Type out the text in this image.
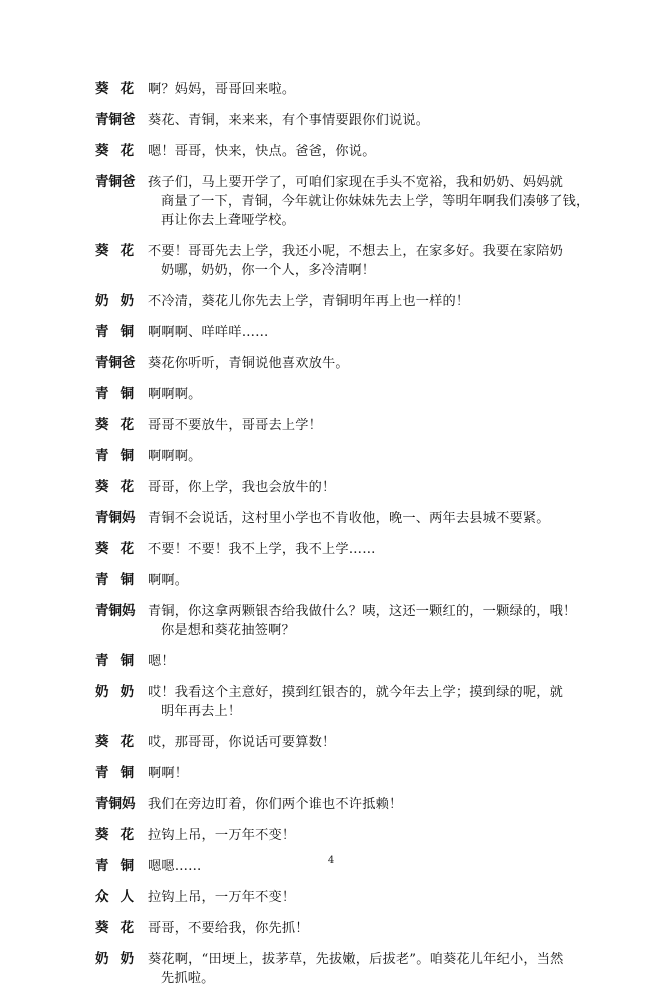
葵花 啊？妈妈，哥哥回来啦。
青铜爸 葵花、青铜，来来来，有个事情要跟你们说说。
葵花 嗯！哥哥，快来，快点。爸爸，你说。
青铜爸 孩子们，马上要开学了，可咱们家现在手头不宽裕，我和奶奶、妈妈就
商量了一下，青铜，今年就让你妹妹先去上学，等明年啊我们凑够了钱，
再让你去上聋哑学校。
葵花 不要！哥哥先去上学，我还小呢，不想去上，在家多好。我要在家陪奶
奶哪，奶奶，你一个人，多冷清啊！
奶奶 不冷清，葵花儿你先去上学，青铜明年再上也一样的！
青铜 啊啊啊、咩咩咩……
青铜爸 葵花你听听，青铜说他喜欢放牛。
青铜 啊啊啊。
葵花 哥哥不要放牛，哥哥去上学！
青铜 啊啊啊。
葵花 哥哥，你上学，我也会放牛的！
青铜妈 青铜不会说话，这村里小学也不肯收他，晚一、两年去县城不要紧。
葵花 不要！不要！我不上学，我不上学……
青铜 啊啊。
青铜妈 青铜，你这拿两颗银杏给我做什么？咦，这还一颗红的，一颗绿的，哦！
你是想和葵花抽签啊？
青铜 嗯！
奶奶 哎！我看这个主意好，摸到红银杏的，就今年去上学；摸到绿的呢，就
明年再去上！
葵花 哎，那哥哥，你说话可要算数！
青铜 啊啊！
青铜妈 我们在旁边盯着，你们两个谁也不许抵赖！
葵花 拉钩上吊，一万年不变！
青铜 嗯嗯……
众人 拉钩上吊，一万年不变！
葵花 哥哥，不要给我，你先抓！
奶奶 葵花啊，“田埂上，拔茅草，先拔嫩，后拔老”。咱葵花儿年纪小，当然
先抓啦。
4
